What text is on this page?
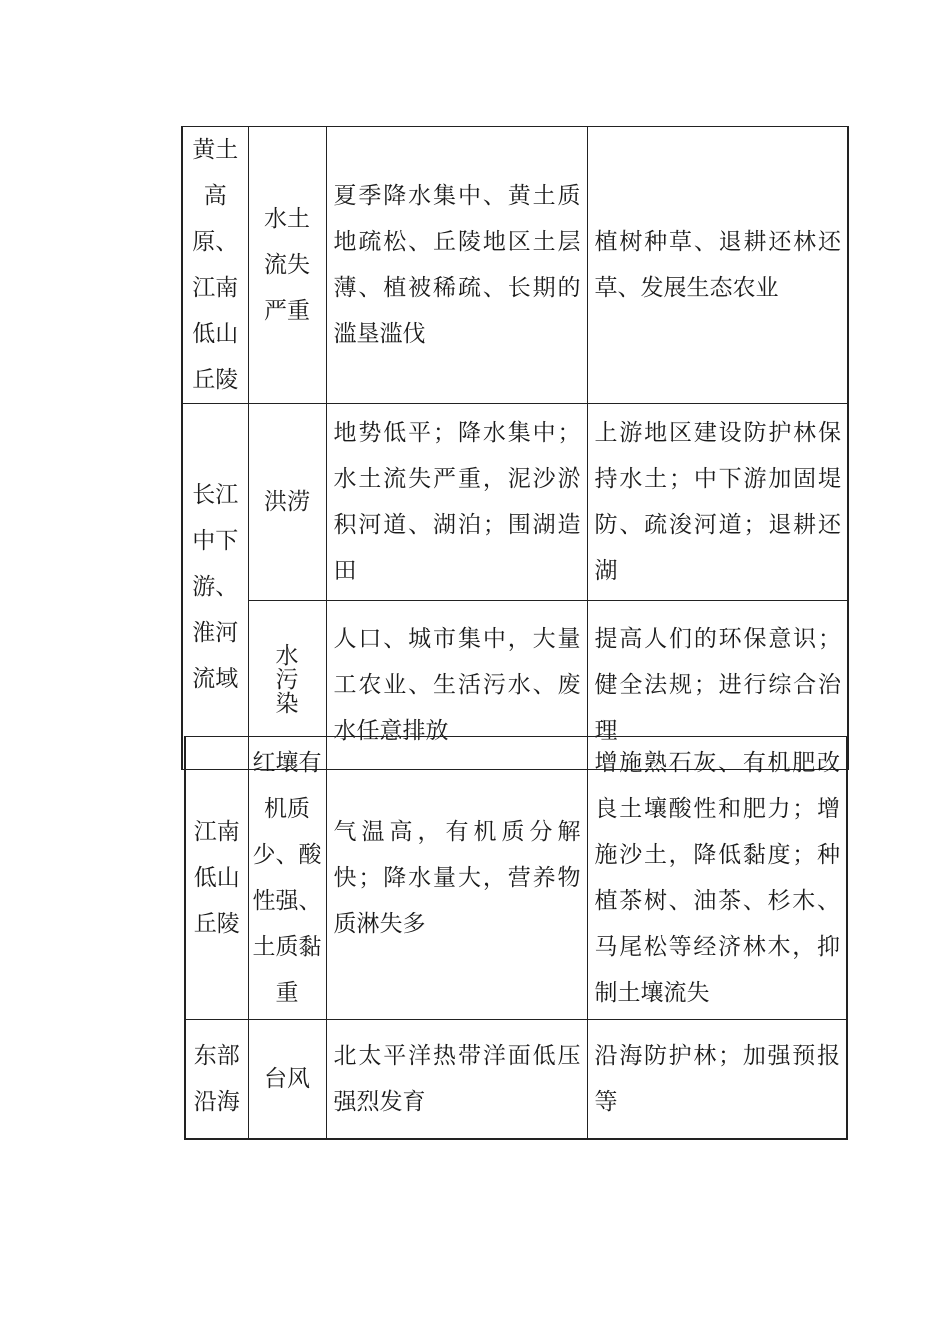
黄土高原、江南低山丘陵	水土流失严重	夏季降水集中、黄土质地疏松、丘陵地区土层薄、植被稀疏、长期的滥垦滥伐	植树种草、退耕还林还草、发展生态农业

长江中下游、淮河流域	洪涝	地势低平；降水集中；水土流失严重，泥沙淤积河道、湖泊；围湖造田	上游地区建设防护林保持水土；中下游加固堤防、疏浚河道；退耕还湖

	水污染	人口、城市集中，大量工农业、生活污水、废水任意排放	提高人们的环保意识；健全法规；进行综合治理
江南低山丘陵	红壤有机质少、酸性强、土质黏重	气温高，有机质分解快；降水量大，营养物质淋失多	增施熟石灰、有机肥改良土壤酸性和肥力；增施沙土，降低黏度；种植茶树、油茶、杉木、马尾松等经济林木，抑制土壤流失

东部沿海	台风	北太平洋热带洋面低压强烈发育	沿海防护林；加强预报等
